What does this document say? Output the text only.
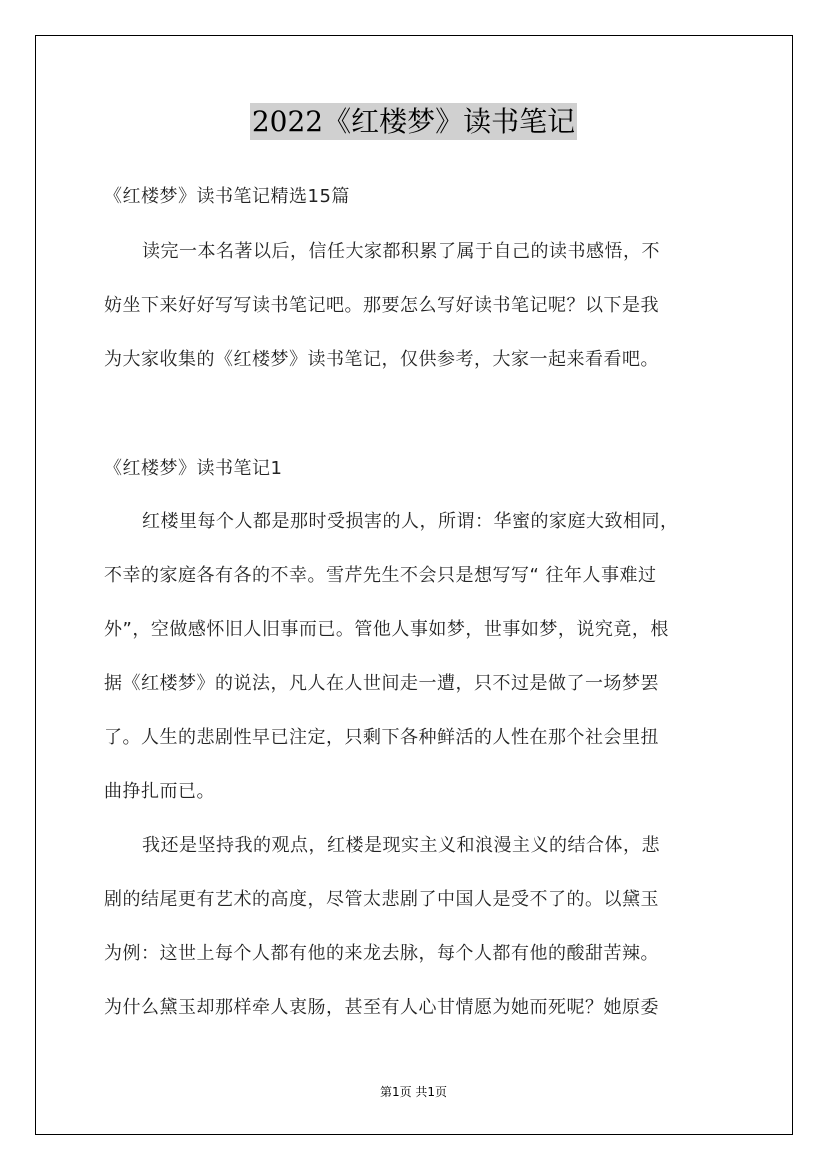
2022《红楼梦》读书笔记
《红楼梦》读书笔记精选15篇
读完一本名著以后，信任大家都积累了属于自己的读书感悟，不
妨坐下来好好写写读书笔记吧。那要怎么写好读书笔记呢？以下是我
为大家收集的《红楼梦》读书笔记，仅供参考，大家一起来看看吧。
《红楼梦》读书笔记1
红楼里每个人都是那时受损害的人，所谓：华蜜的家庭大致相同，
不幸的家庭各有各的不幸。雪芹先生不会只是想写写“ 往年人事难过
外”，空做感怀旧人旧事而已。管他人事如梦，世事如梦，说究竟，根
据《红楼梦》的说法，凡人在人世间走一遭，只不过是做了一场梦罢
了。人生的悲剧性早已注定，只剩下各种鲜活的人性在那个社会里扭
曲挣扎而已。
我还是坚持我的观点，红楼是现实主义和浪漫主义的结合体，悲
剧的结尾更有艺术的高度，尽管太悲剧了中国人是受不了的。以黛玉
为例：这世上每个人都有他的来龙去脉，每个人都有他的酸甜苦辣。
为什么黛玉却那样牵人衷肠，甚至有人心甘情愿为她而死呢？她原委
第1页 共1页
